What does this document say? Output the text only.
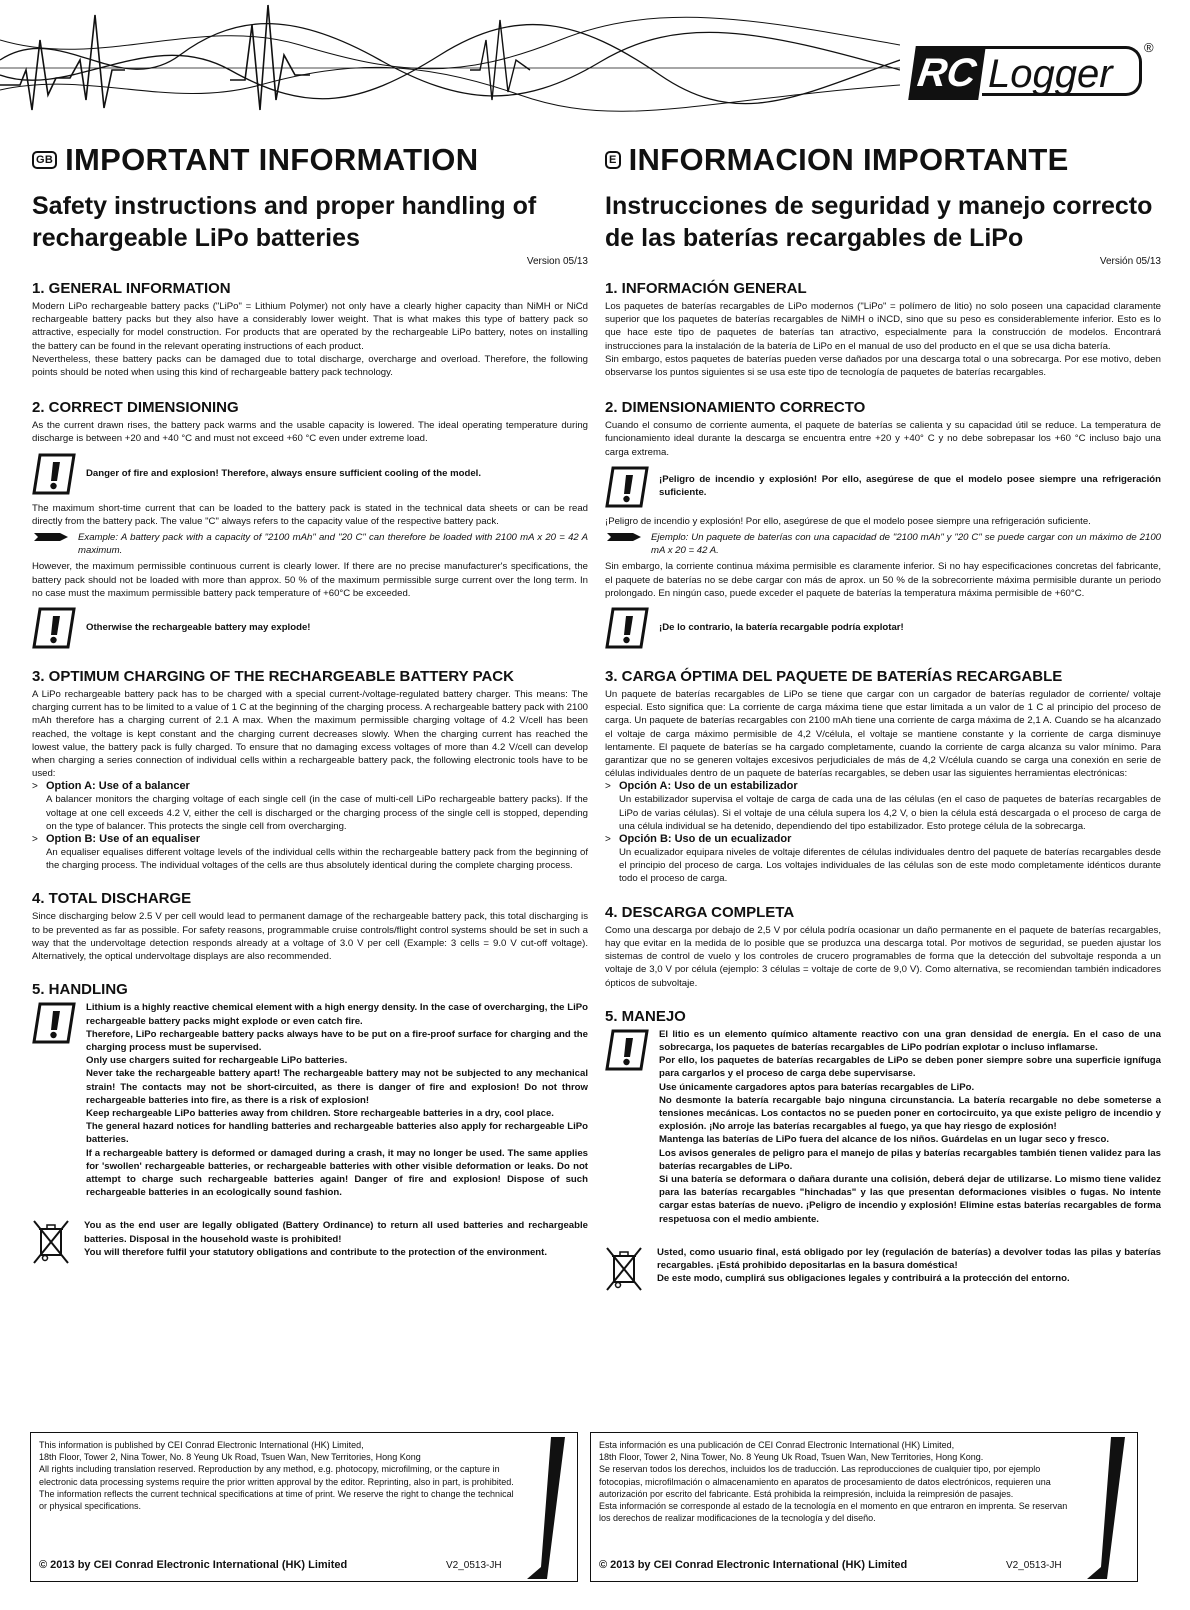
RC Logger
®
GB IMPORTANT INFORMATION
Safety instructions and proper handling of
rechargeable LiPo batteries
Version 05/13
1. GENERAL INFORMATION

Modern LiPo rechargeable battery packs ("LiPo" = Lithium Polymer) not only have a clearly higher capacity than NiMH or NiCd rechargeable battery packs but they also have a considerably lower weight. That is what makes this type of battery pack so attractive, especially for model construction. For products that are operated by the rechargeable LiPo battery, notes on installing the battery can be found in the relevant operating instructions of each product.

Nevertheless, these battery packs can be damaged due to total discharge, overcharge and overload. Therefore, the following points should be noted when using this kind of rechargeable battery pack technology.

2. CORRECT DIMENSIONING

As the current drawn rises, the battery pack warms and the usable capacity is lowered. The ideal operating temperature during discharge is between +20 and +40 °C and must not exceed +60 °C even under extreme load.

Danger of fire and explosion! Therefore, always ensure sufficient cooling of the model.

The maximum short-time current that can be loaded to the battery pack is stated in the technical data sheets or can be read directly from the battery pack. The value "C" always refers to the capacity value of the respective battery pack.

Example: A battery pack with a capacity of "2100 mAh" and "20 C" can therefore be loaded with 2100 mA x 20 = 42 A maximum.

However, the maximum permissible continuous current is clearly lower. If there are no precise manufacturer's specifications, the battery pack should not be loaded with more than approx. 50 % of the maximum permissible surge current over the long term. In no case must the maximum permissible battery pack temperature of +60°C be exceeded.

Otherwise the rechargeable battery may explode!
3. OPTIMUM CHARGING OF THE RECHARGEABLE BATTERY PACK

A LiPo rechargeable battery pack has to be charged with a special current-/voltage-regulated battery charger. This means: The charging current has to be limited to a value of 1 C at the beginning of the charging process. A rechargeable battery pack with 2100 mAh therefore has a charging current of 2.1 A max. When the maximum permissible charging voltage of 4.2 V/cell has been reached, the voltage is kept constant and the charging current decreases slowly. When the charging current has reached the lowest value, the battery pack is fully charged. To ensure that no damaging excess voltages of more than 4.2 V/cell can develop when charging a series connection of individual cells within a rechargeable battery pack, the following electronic tools have to be used:

> Option A: Use of a balancer

A balancer monitors the charging voltage of each single cell (in the case of multi-cell LiPo rechargeable battery packs). If the voltage at one cell exceeds 4.2 V, either the cell is discharged or the charging process of the single cell is stopped, depending on the type of balancer. This protects the single cell from overcharging.

> Option B: Use of an equaliser

An equaliser equalises different voltage levels of the individual cells within the rechargeable battery pack from the beginning of the charging process. The individual voltages of the cells are thus absolutely identical during the complete charging process.

4. TOTAL DISCHARGE

Since discharging below 2.5 V per cell would lead to permanent damage of the rechargeable battery pack, this total discharging is to be prevented as far as possible. For safety reasons, programmable cruise controls/flight control systems should be set in such a way that the undervoltage detection responds already at a voltage of 3.0 V per cell (Example: 3 cells = 9.0 V cut-off voltage). Alternatively, the optical undervoltage displays are also recommended.

5. HANDLING
Lithium is a highly reactive chemical element with a high energy density. In the case of overcharging, the LiPo rechargeable battery packs might explode or even catch fire.
Therefore, LiPo rechargeable battery packs always have to be put on a fire-proof surface for charging and the charging process must be supervised.
Only use chargers suited for rechargeable LiPo batteries.
Never take the rechargeable battery apart! The rechargeable battery may not be subjected to any mechanical strain! The contacts may not be short-circuited, as there is danger of fire and explosion! Do not throw rechargeable batteries into fire, as there is a risk of explosion!
Keep rechargeable LiPo batteries away from children. Store rechargeable batteries in a dry, cool place.
The general hazard notices for handling batteries and rechargeable batteries also apply for rechargeable LiPo batteries.
If a rechargeable battery is deformed or damaged during a crash, it may no longer be used. The same applies for 'swollen' rechargeable batteries, or rechargeable batteries with other visible deformation or leaks. Do not attempt to charge such rechargeable batteries again! Danger of fire and explosion! Dispose of such rechargeable batteries in an ecologically sound fashion.
You as the end user are legally obligated (Battery Ordinance) to return all used batteries and rechargeable batteries. Disposal in the household waste is prohibited!
You will therefore fulfil your statutory obligations and contribute to the protection of the environment.
E INFORMACION IMPORTANTE
Instrucciones de seguridad y manejo correcto
de las baterías recargables de LiPo
Versión 05/13
1. INFORMACIÓN GENERAL

Los paquetes de baterías recargables de LiPo modernos ("LiPo" = polímero de litio) no solo poseen una capacidad claramente superior que los paquetes de baterías recargables de NiMH o iNCD, sino que su peso es considerablemente inferior. Esto es lo que hace este tipo de paquetes de baterías tan atractivo, especialmente para la construcción de modelos. Encontrará instrucciones para la instalación de la batería de LiPo en el manual de uso del producto en el que se usa dicha batería.

Sin embargo, estos paquetes de baterías pueden verse dañados por una descarga total o una sobrecarga. Por ese motivo, deben observarse los puntos siguientes si se usa este tipo de tecnología de paquetes de baterías recargables.

2. DIMENSIONAMIENTO CORRECTO

Cuando el consumo de corriente aumenta, el paquete de baterías se calienta y su capacidad útil se reduce. La temperatura de funcionamiento ideal durante la descarga se encuentra entre +20 y +40° C y no debe sobrepasar los +60 °C incluso bajo una carga extrema.

¡Peligro de incendio y explosión! Por ello, asegúrese de que el modelo posee siempre una refrigeración suficiente.

¡Peligro de incendio y explosión! Por ello, asegúrese de que el modelo posee siempre una refrigeración suficiente.

Ejemplo: Un paquete de baterías con una capacidad de "2100 mAh" y "20 C" se puede cargar con un máximo de 2100 mA x 20 = 42 A.

Sin embargo, la corriente continua máxima permisible es claramente inferior. Si no hay especificaciones concretas del fabricante, el paquete de baterías no se debe cargar con más de aprox. un 50 % de la sobrecorriente máxima permisible durante un periodo prolongado. En ningún caso, puede exceder el paquete de baterías la temperatura máxima permisible de +60°C.

¡De lo contrario, la batería recargable podría explotar!
3. CARGA ÓPTIMA DEL PAQUETE DE BATERÍAS RECARGABLE

Un paquete de baterías recargables de LiPo se tiene que cargar con un cargador de baterías regulador de corriente/ voltaje especial. Esto significa que: La corriente de carga máxima tiene que estar limitada a un valor de 1 C al principio del proceso de carga. Un paquete de baterías recargables con 2100 mAh tiene una corriente de carga máxima de 2,1 A. Cuando se ha alcanzado el voltaje de carga máximo permisible de 4,2 V/célula, el voltaje se mantiene constante y la corriente de carga disminuye lentamente. El paquete de baterías se ha cargado completamente, cuando la corriente de carga alcanza su valor mínimo. Para garantizar que no se generen voltajes excesivos perjudiciales de más de 4,2 V/célula cuando se carga una conexión en serie de células individuales dentro de un paquete de baterías recargables, se deben usar las siguientes herramientas electrónicas:

> Opción A: Uso de un estabilizador

Un estabilizador supervisa el voltaje de carga de cada una de las células (en el caso de paquetes de baterías recargables de LiPo de varias células). Si el voltaje de una célula supera los 4,2 V, o bien la célula está descargada o el proceso de carga de una célula individual se ha detenido, dependiendo del tipo estabilizador. Esto protege célula de la sobrecarga.

> Opción B: Uso de un ecualizador

Un ecualizador equipara niveles de voltaje diferentes de células individuales dentro del paquete de baterías recargables desde el principio del proceso de carga. Los voltajes individuales de las células son de este modo completamente idénticos durante todo el proceso de carga.

4. DESCARGA COMPLETA

Como una descarga por debajo de 2,5 V por célula podría ocasionar un daño permanente en el paquete de baterías recargables, hay que evitar en la medida de lo posible que se produzca una descarga total. Por motivos de seguridad, se pueden ajustar los sistemas de control de vuelo y los controles de crucero programables de forma que la detección del subvoltaje responda a un voltaje de 3,0 V por célula (ejemplo: 3 células = voltaje de corte de 9,0 V). Como alternativa, se recomiendan también indicadores ópticos de subvoltaje.

5. MANEJO
El litio es un elemento químico altamente reactivo con una gran densidad de energía. En el caso de una sobrecarga, los paquetes de baterías recargables de LiPo podrían explotar o incluso inflamarse.
Por ello, los paquetes de baterías recargables de LiPo se deben poner siempre sobre una superficie ignífuga para cargarlos y el proceso de carga debe supervisarse.
Use únicamente cargadores aptos para baterías recargables de LiPo.
No desmonte la batería recargable bajo ninguna circunstancia. La batería recargable no debe someterse a tensiones mecánicas. Los contactos no se pueden poner en cortocircuito, ya que existe peligro de incendio y explosión. ¡No arroje las baterías recargables al fuego, ya que hay riesgo de explosión!
Mantenga las baterías de LiPo fuera del alcance de los niños. Guárdelas en un lugar seco y fresco.
Los avisos generales de peligro para el manejo de pilas y baterías recargables también tienen validez para las baterías recargables de LiPo.
Si una batería se deformara o dañara durante una colisión, deberá dejar de utilizarse. Lo mismo tiene validez para las baterías recargables "hinchadas" y las que presentan deformaciones visibles o fugas. No intente cargar estas baterías de nuevo. ¡Peligro de incendio y explosión! Elimine estas baterías recargables de forma respetuosa con el medio ambiente.
Usted, como usuario final, está obligado por ley (regulación de baterías) a devolver todas las pilas y baterías recargables. ¡Está prohibido depositarlas en la basura doméstica!
De este modo, cumplirá sus obligaciones legales y contribuirá a la protección del entorno.
This information is published by CEI Conrad Electronic International (HK) Limited,
18th Floor, Tower 2, Nina Tower, No. 8 Yeung Uk Road, Tsuen Wan, New Territories, Hong Kong
All rights including translation reserved. Reproduction by any method, e.g. photocopy, microfilming, or the capture in electronic data processing systems require the prior written approval by the editor. Reprinting, also in part, is prohibited.
The information reflects the current technical specifications at time of print. We reserve the right to change the technical or physical specifications.
© 2013 by CEI Conrad Electronic International (HK) Limited	V2_0513-JH
Esta información es una publicación de CEI Conrad Electronic International (HK) Limited,
18th Floor, Tower 2, Nina Tower, No. 8 Yeung Uk Road, Tsuen Wan, New Territories, Hong Kong.
Se reservan todos los derechos, incluidos los de traducción. Las reproducciones de cualquier tipo, por ejemplo fotocopias, microfilmación o almacenamiento en aparatos de procesamiento de datos electrónicos, requieren una autorización por escrito del fabricante. Está prohibida la reimpresión, incluida la reimpresión de pasajes.
Esta información se corresponde al estado de la tecnología en el momento en que entraron en imprenta. Se reservan los derechos de realizar modificaciones de la tecnología y del diseño.
© 2013 by CEI Conrad Electronic International (HK) Limited	V2_0513-JH
